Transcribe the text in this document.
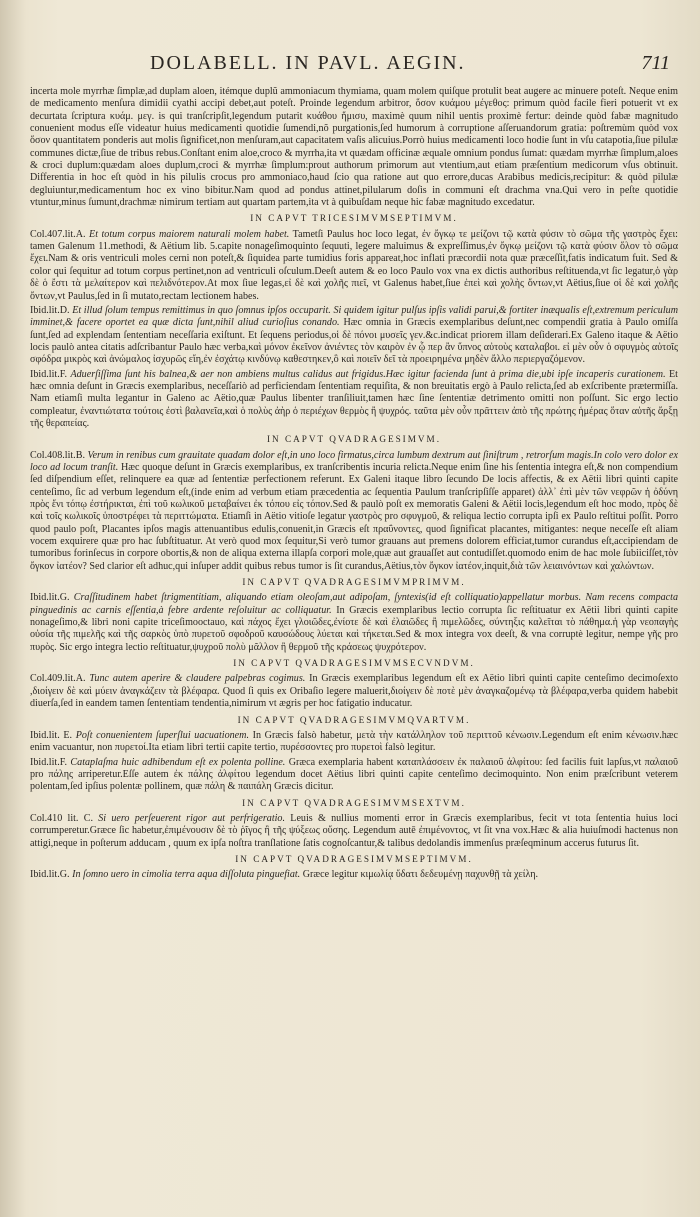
DOLABELL. IN PAVL. AEGIN.	711

incerta mole myrrhæ ſimplæ,ad duplam aloen, itémque duplũ ammoniacum thymiama, quam molem quiſque protulit beat augere ac minuere poteſt. Neque enim de medicamento menſura dimidii cyathi accipi debet,aut poteſt. Proinde legendum arbitror, ὅσον κυάμου μέγεθος: primum quòd facile fieri potuerit vt ex decurtata ſcriptura κυάμ. μεγ. is qui tranſcripſit,legendum putarit κυάθου ἥμισυ, maximè quum nihil uentis proximè fertur: deinde quòd fabæ magnitudo conuenient modus eſſe videatur huius medicamenti quotidie ſumendi,nõ purgationis,ſed humorum à corruptione aſſeruandorum gratia: poſtremùm quòd vox ὅσον quantitatem ponderis aut molis ſignificet,non menſuram,aut capacitatem vaſis alicuius.Porrò huius medicamenti loco hodie ſunt in vſu catapotia,ſiue pilulæ communes dictæ,ſiue de tribus rebus.Conſtant enim aloe,croco & myrrha,ita vt quædam officinæ æquale omnium pondus ſumat: quædam myrrhæ ſimplum,aloes & croci duplum:quædam aloes duplum,croci & myrrhæ ſimplum:prout authorum primorum aut vtentium,aut etiam præſentium medicorum vſus obtinuit. Differentia in hoc eſt quòd in his pilulis crocus pro ammoniaco,haud ſcio qua ratione aut quo errore,ducas Arabibus medicis,recipitur: & quòd pilulæ degluiuntur,medicamentum hoc ex vino bibitur.Nam quod ad pondus attinet,pilularum doſis in communi eſt drachma vna.Qui vero in peſte quotidie vtuntur,minus ſumunt,drachmæ nimirum tertiam aut quartam partem,ita vt à quibuſdam neque hic fabæ magnitudo excedatur.

IN CAPVT TRICESIMVMSEPTIMVM.

Col.407.lit.A. Et totum corpus maiorem naturali molem habet. Tametſi Paulus hoc loco legat, ἐν ὄγκῳ τε μείζονι τῷ κατὰ φύσιν τὸ σῶμα τῆς γαστρὸς ἔχει: tamen Galenum 11.methodi, & Aëtium lib. 5.capite nonageſimoquinto ſequuti, legere maluimus & expreſſimus,ἐν ὄγκῳ μείζονι τῷ κατὰ φύσιν ὅλον τὸ σῶμα ἔχει.Nam & oris ventriculi moles cerni non poteſt,& ſiquidea parte tumidius foris appareat,hoc inflati præcordii nota quæ præceſſit,fatis indicatum fuit. Sed & color qui ſequitur ad totum corpus pertinet,non ad ventriculi oſculum.Deeſt autem & eo loco Paulo vox vna ex dictis authoribus reſtituenda,vt ſic legatur,ὁ γὰρ δὲ ὁ ἔστι τὰ μελαίτερον καὶ πελιδνότερον.At mox ſiue legas,εἰ δὲ καὶ χολῆς πιεῖ, vt Galenus habet,ſiue ἐπεὶ καὶ χολὴς ὄντων,vt Aëtius,ſiue οἱ δὲ καὶ χολῆς ὄντων,vt Paulus,ſed in ſi mutato,rectam lectionem habes.

Ibid.lit.D. Et illud ſolum tempus remittimus in quo ſomnus ipſos occuparit. Si quidem igitur pulſus ipſis validi parui,& fortiter inæqualis eſt,extremum periculum imminet,& facere oportet ea quæ dicta ſunt,nihil aliud curioſius conando. Hæc omnia in Græcis exemplaribus deſunt,nec compendii gratia à Paulo omiſſa ſunt,ſed ad explendam ſententiam neceſſaria exiſtunt. Et ſequens periodus,οἱ δὲ πόνοι μυσεῖς γεν.&c.indicat priorem illam deſiderari.Ex Galeno itaque & Aëtio locis paulò antea citatis adſcribantur Paulo hæc verba,καὶ μόνον ἐκεῖνον ἀνιέντες τὸν καιρὸν ἐν ᾧ περ ἂν ὕπνος αὐτοὺς καταλαβοι. εἰ μὲν οὖν ὁ σφυγμὸς αὐτοῖς σφόδρα μικρὸς καὶ ἀνώμαλος ἰσχυρῶς εἴη,ἐν ἐσχάτῳ κινδύνῳ καθεστηκεν,ὃ καὶ ποιεῖν δεῖ τὰ προειρημένα μηδὲν ἄλλο περιεργαζόμενον.

Ibid.lit.F. Aduerſiſſima ſunt his balnea,& aer non ambiens multus calidus aut frigidus.Hæc igitur facienda ſunt à prima die,ubi ipſe incaperis curationem. Et hæc omnia deſunt in Græcis exemplaribus, neceſſariò ad perficiendam ſententiam requiſita, & non breuitatis ergò à Paulo relicta,ſed ab exſcribente prætermiſſa. Nam etiamſi multa legantur in Galeno ac Aëtio,quæ Paulus libenter tranſiliuit,tamen hæc ſine ſententiæ detrimento omitti non poſſunt. Sic ergo lectio compleatur, ἐναντιώτατα τούτοις ἐστὶ βαλανεῖα,καὶ ὁ πολὺς ἀὴρ ὁ περιέχων θερμὸς ἢ ψυχρός. ταῦτα μὲν οὖν πρᾶττειν ἀπὸ τῆς πρώτης ἡμέρας ὅταν αὐτῆς ἄρξῃ τῆς θεραπείας.

IN CAPVT QVADRAGESIMVM.

Col.408.lit.B. Verum in renibus cum grauitate quadam dolor eſt,in uno loco firmatus,circa lumbum dextrum aut ſiniſtrum , retrorſum magis.In colo vero dolor ex loco ad locum tranſit. Hæc quoque deſunt in Græcis exemplaribus, ex tranſcribentis incuria relicta.Neque enim ſine his ſententia integra eſt,& non compendium ſed diſpendium eſſet, relinquere ea quæ ad ſententiæ perfectionem referunt. Ex Galeni itaque libro ſecundo De locis affectis, & ex Aëtii libri quinti capite centeſimo, ſic ad verbum legendum eſt,(inde enim ad verbum etiam præcedentia ac ſequentia Paulum tranſcripſiſſe apparet) ἀλλ᾽ ἐπὶ μὲν τῶν νεφρῶν ἡ ὀδύνη πρὸς ἕνι τόπῳ ἐστήρικται, ἐπὶ τοῦ κωλικοῦ μεταβαίνει ἐκ τόπου εἰς τόπον.Sed & paulò poſt ex memoratis Galeni & Aëtii locis,legendum eſt hoc modo, πρὸς δὲ καὶ τοῖς κωλικοῖς ὑποστρέφει τὰ περιττώματα. Etiamſi in Aëtio vitioſe legatur γαστρὸς pro σφυγμοῦ, & reliqua lectio corrupta ipſi ex Paulo reſtitui poſſit. Porro quod paulo poſt, Placantes ipſos magis attenuantibus edulis,conuenit,in Græcis eſt πραΰνοντες, quod ſignificat placantes, mitigantes: neque neceſſe eſt aliam vocem exquirere quæ pro hac ſubſtituatur. At verò quod mox ſequitur,Si verò tumor grauans aut premens dolorem efficiat,tumor curandus eſt,accipiendam de tumoribus forinſecus in corpore obortis,& non de aliqua externa illapſa corpori mole,quæ aut grauaſſet aut contudiſſet.quomodo enim de hac mole ſubiiciſſet,τὸν ὄγκον ἰατέον? Sed clarior eſt adhuc,qui inſuper addit quibus rebus tumor is ſit curandus,Aëtius,τὸν ὄγκον ἰατέον,inquit,διὰ τῶν λειαινόντων καὶ χαλώντων.

IN CAPVT QVADRAGESIMVMPRIMVM.

Ibid.lit.G. Craſſitudinem habet ſtrigmentitiam, aliquando etiam oleoſam,aut adipoſam, ſyntexis(id eſt colliquatio)appellatur morbus. Nam recens compacta pinguedinis ac carnis eſſentia,à febre ardente reſoluitur ac colliquatur. In Græcis exemplaribus lectio corrupta ſic reſtituatur ex Aëtii libri quinti capite nonageſimo,& libri noni capite triceſimooctauo, καὶ πάχος ἔχει γλοιῶδες,ἐνίοτε δὲ καὶ ἐλαιῶδες ἢ πιμελῶδες, σύντηξις καλεῖται τὸ πάθημα.ἡ γὰρ νεοπαγὴς οὐσία τῆς πιμελῆς καὶ τῆς σαρκὸς ὑπὸ πυρετοῦ σφοδροῦ καυσώδους λύεται καὶ τήκεται.Sed & mox integra vox deeſt, & vna corruptè legitur, nempe γῆς pro πυρὸς. Sic ergo integra lectio reſtituatur,ψυχροῦ πολὺ μᾶλλον ἢ θερμοῦ τῆς κράσεως ψυχρότερον.

IN CAPVT QVADRAGESIMVMSECVNDVM.

Col.409.lit.A. Tunc autem aperire & claudere palpebras cogimus. In Græcis exemplaribus legendum eſt ex Aëtio libri quinti capite centeſimo decimoſexto ,διοίγειν δὲ καὶ μύειν ἀναγκάζειν τὰ βλέφαρα. Quod ſi quis ex Oribaſio legere maluerit,διοίγειν δὲ ποτὲ μὲν ἀναγκαζομένῳ τὰ βλέφαρα,verba quidem habebit diuerſa,ſed in eandem tamen ſententiam tendentia,nimirum vt ægris per hoc fatigatio inducatur.

IN CAPVT QVADRAGESIMVMQVARTVM.

Ibid.lit. E. Poſt conuenientem ſuperſlui uacuationem. In Græcis falsò habetur, μετὰ τὴν κατάλληλον τοῦ περιττοῦ κένωσιν.Legendum eſt enim κένωσιν.hæc enim vacuantur, non πυρετοί.Ita etiam libri tertii capite tertio, πυρέσσοντες pro πυρετοὶ falsò legitur.

Ibid.lit.F. Cataplaſma huic adhibendum eſt ex polenta polline. Græca exemplaria habent καταπλάσσειν ἐκ παλαιοῦ ἀλφίτου: ſed facilis fuit lapſus,vt παλαιοῦ pro πάλης arriperetur.Eſſe autem ἐκ πάλης ἀλφίτου legendum docet Aëtius libri quinti capite centeſimo decimoquinto. Non enim præſcribunt veterem polentam,ſed ipſius polentæ pollinem, quæ πάλη & παιπάλη Græcis dicitur.

IN CAPVT QVADRAGESIMVMSEXTVM.

Col.410 lit. C. Si uero perſeuerent rigor aut perfrigeratio. Leuis & nullius momenti error in Græcis exemplaribus, fecit vt tota ſententia huius loci corrumperetur.Græce ſic habetur,ἐπιμένουσιν δὲ τὸ ῥῖγος ἢ τῆς ψύξεως οὔσης. Legendum autē ἐπιμένοντος, vt ſit vna vox.Hæc & alia huiuſmodi hactenus non attigi,neque in poſterum adducam , quum ex ipſa noſtra tranſlatione ſatis cognoſcantur,& talibus dedolandis immenſus præſeqminum accerus futurus ſit.

IN CAPVT QVADRAGESIMVMSEPTIMVM.

Ibid.lit.G. In ſomno uero in cimolia terra aqua diſſoluta pinguefiat. Græce legitur κιμωλίᾳ ὕδατι δεδευμένῃ παχυνθῇ τὰ χείλη.
